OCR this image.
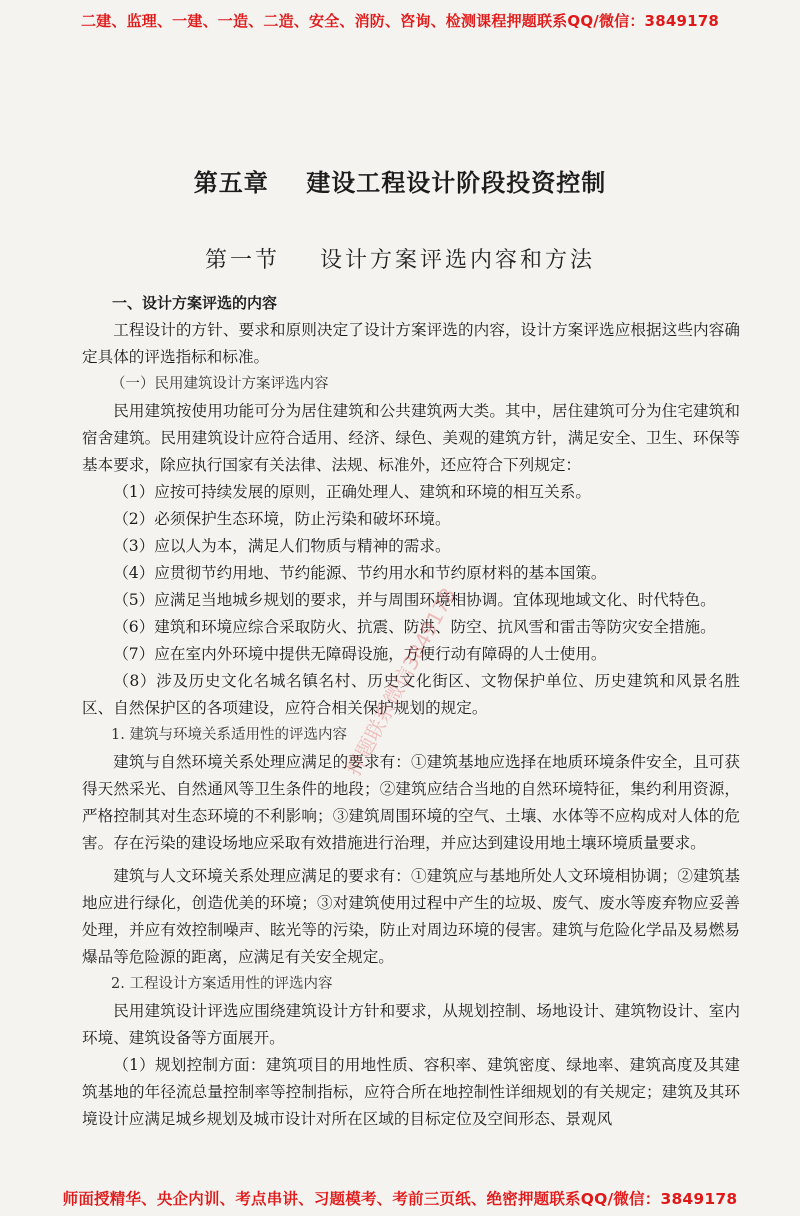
二建、监理、一建、一造、二造、安全、消防、咨询、检测课程押题联系QQ/微信：3849178
第五章    建设工程设计阶段投资控制
第一节    设计方案评选内容和方法

一、设计方案评选的内容

工程设计的方针、要求和原则决定了设计方案评选的内容，设计方案评选应根据这些内容确定具体的评选指标和标准。

（一）民用建筑设计方案评选内容

民用建筑按使用功能可分为居住建筑和公共建筑两大类。其中，居住建筑可分为住宅建筑和宿舍建筑。民用建筑设计应符合适用、经济、绿色、美观的建筑方针，满足安全、卫生、环保等基本要求，除应执行国家有关法律、法规、标准外，还应符合下列规定：

（1）应按可持续发展的原则，正确处理人、建筑和环境的相互关系。

（2）必须保护生态环境，防止污染和破坏环境。

（3）应以人为本，满足人们物质与精神的需求。

（4）应贯彻节约用地、节约能源、节约用水和节约原材料的基本国策。

（5）应满足当地城乡规划的要求，并与周围环境相协调。宜体现地域文化、时代特色。

（6）建筑和环境应综合采取防火、抗震、防洪、防空、抗风雪和雷击等防灾安全措施。

（7）应在室内外环境中提供无障碍设施，方便行动有障碍的人士使用。

（8）涉及历史文化名城名镇名村、历史文化街区、文物保护单位、历史建筑和风景名胜区、自然保护区的各项建设，应符合相关保护规划的规定。

1. 建筑与环境关系适用性的评选内容

建筑与自然环境关系处理应满足的要求有：①建筑基地应选择在地质环境条件安全，且可获得天然采光、自然通风等卫生条件的地段；②建筑应结合当地的自然环境特征，集约利用资源，严格控制其对生态环境的不利影响；③建筑周围环境的空气、土壤、水体等不应构成对人体的危害。存在污染的建设场地应采取有效措施进行治理，并应达到建设用地土壤环境质量要求。

建筑与人文环境关系处理应满足的要求有：①建筑应与基地所处人文环境相协调；②建筑基地应进行绿化，创造优美的环境；③对建筑使用过程中产生的垃圾、废气、废水等废弃物应妥善处理，并应有效控制噪声、眩光等的污染，防止对周边环境的侵害。建筑与危险化学品及易燃易爆品等危险源的距离，应满足有关安全规定。

2. 工程设计方案适用性的评选内容

民用建筑设计评选应围绕建筑设计方针和要求，从规划控制、场地设计、建筑物设计、室内环境、建筑设备等方面展开。

（1）规划控制方面：建筑项目的用地性质、容积率、建筑密度、绿地率、建筑高度及其建筑基地的年径流总量控制率等控制指标，应符合所在地控制性详细规划的有关规定；建筑及其环境设计应满足城乡规划及城市设计对所在区域的目标定位及空间形态、景观风

押题联系微信3849178
师面授精华、央企内训、考点串讲、习题模考、考前三页纸、绝密押题联系QQ/微信：3849178
